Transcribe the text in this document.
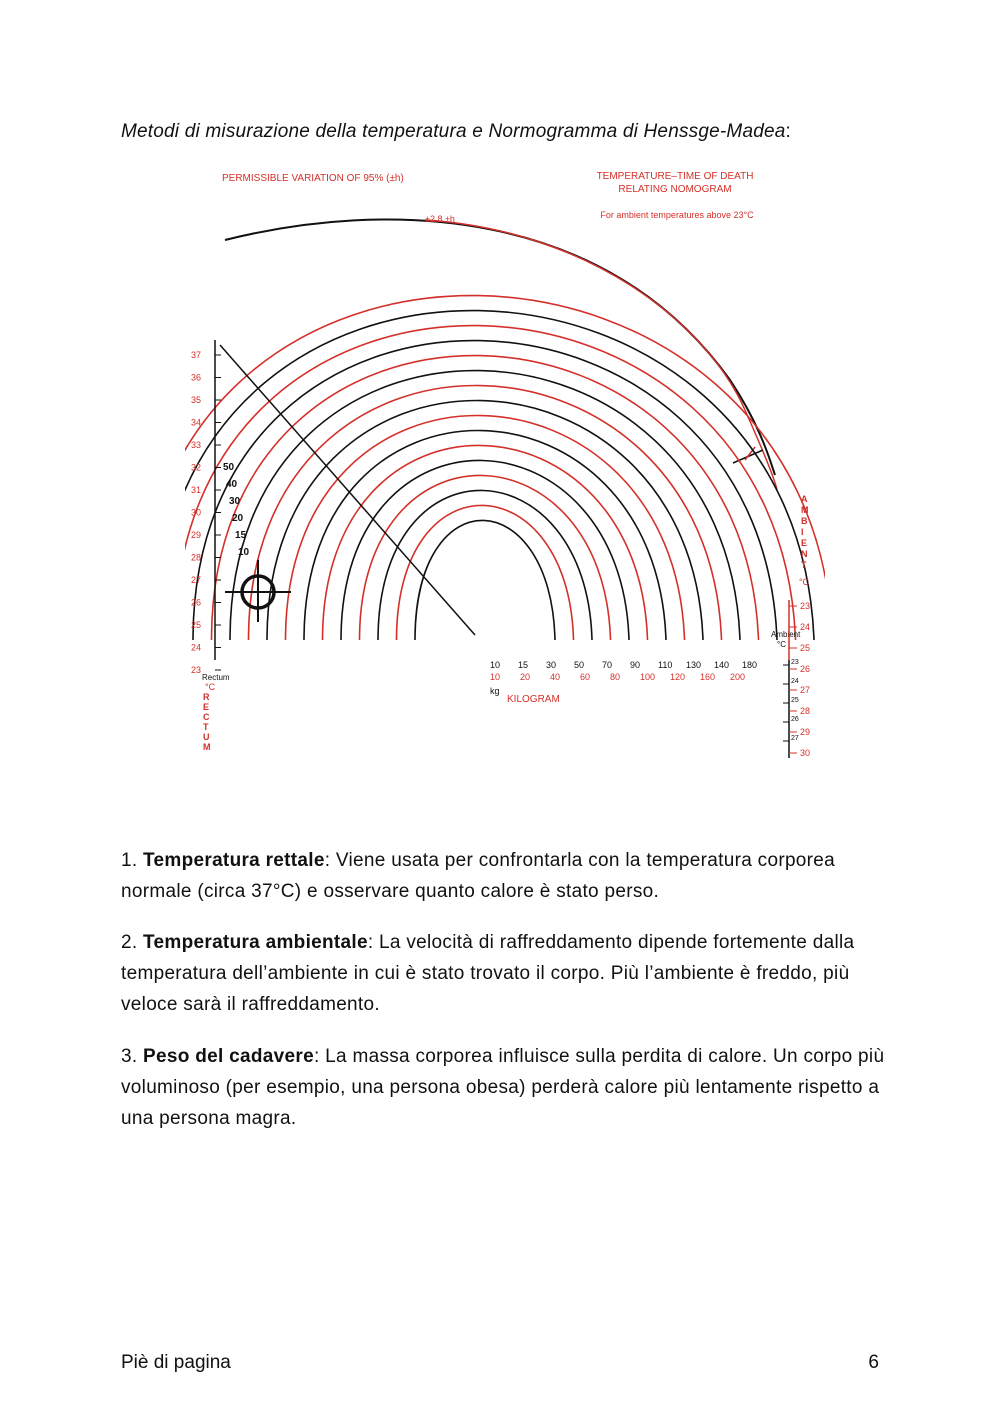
Metodi di misurazione della temperatura e Normogramma di Henssge-Madea:
PERMISSIBLE VARIATION OF 95% (±h)	TEMPERATURE–TIME OF DEATH
RELATING NOMOGRAM
For ambient temperatures above 23°C
±2.8 ±h
37
36
35
34
33
32
31
30
29
28
27
26
25
24
23
Rectum
°C
R
E
C
T
U
M
A
M
B
I
E
N
T
°C
Ambient
°C
23
24
25
26
27
28
29
30
23
24
25
26
27
10 15 30 50 70 90 110 130 140 180
10 20 40 60 80 100 120 160 200
kg
KILOGRAM
50
40
30
20
15
10

1. Temperatura rettale: Viene usata per confrontarla con la temperatura corporea normale (circa 37°C) e osservare quanto calore è stato perso.

2. Temperatura ambientale: La velocità di raffreddamento dipende fortemente dalla temperatura dell’ambiente in cui è stato trovato il corpo. Più l’ambiente è freddo, più veloce sarà il raffreddamento.

3. Peso del cadavere: La massa corporea influisce sulla perdita di calore. Un corpo più voluminoso (per esempio, una persona obesa) perderà calore più lentamente rispetto a una persona magra.

Piè di pagina	6
